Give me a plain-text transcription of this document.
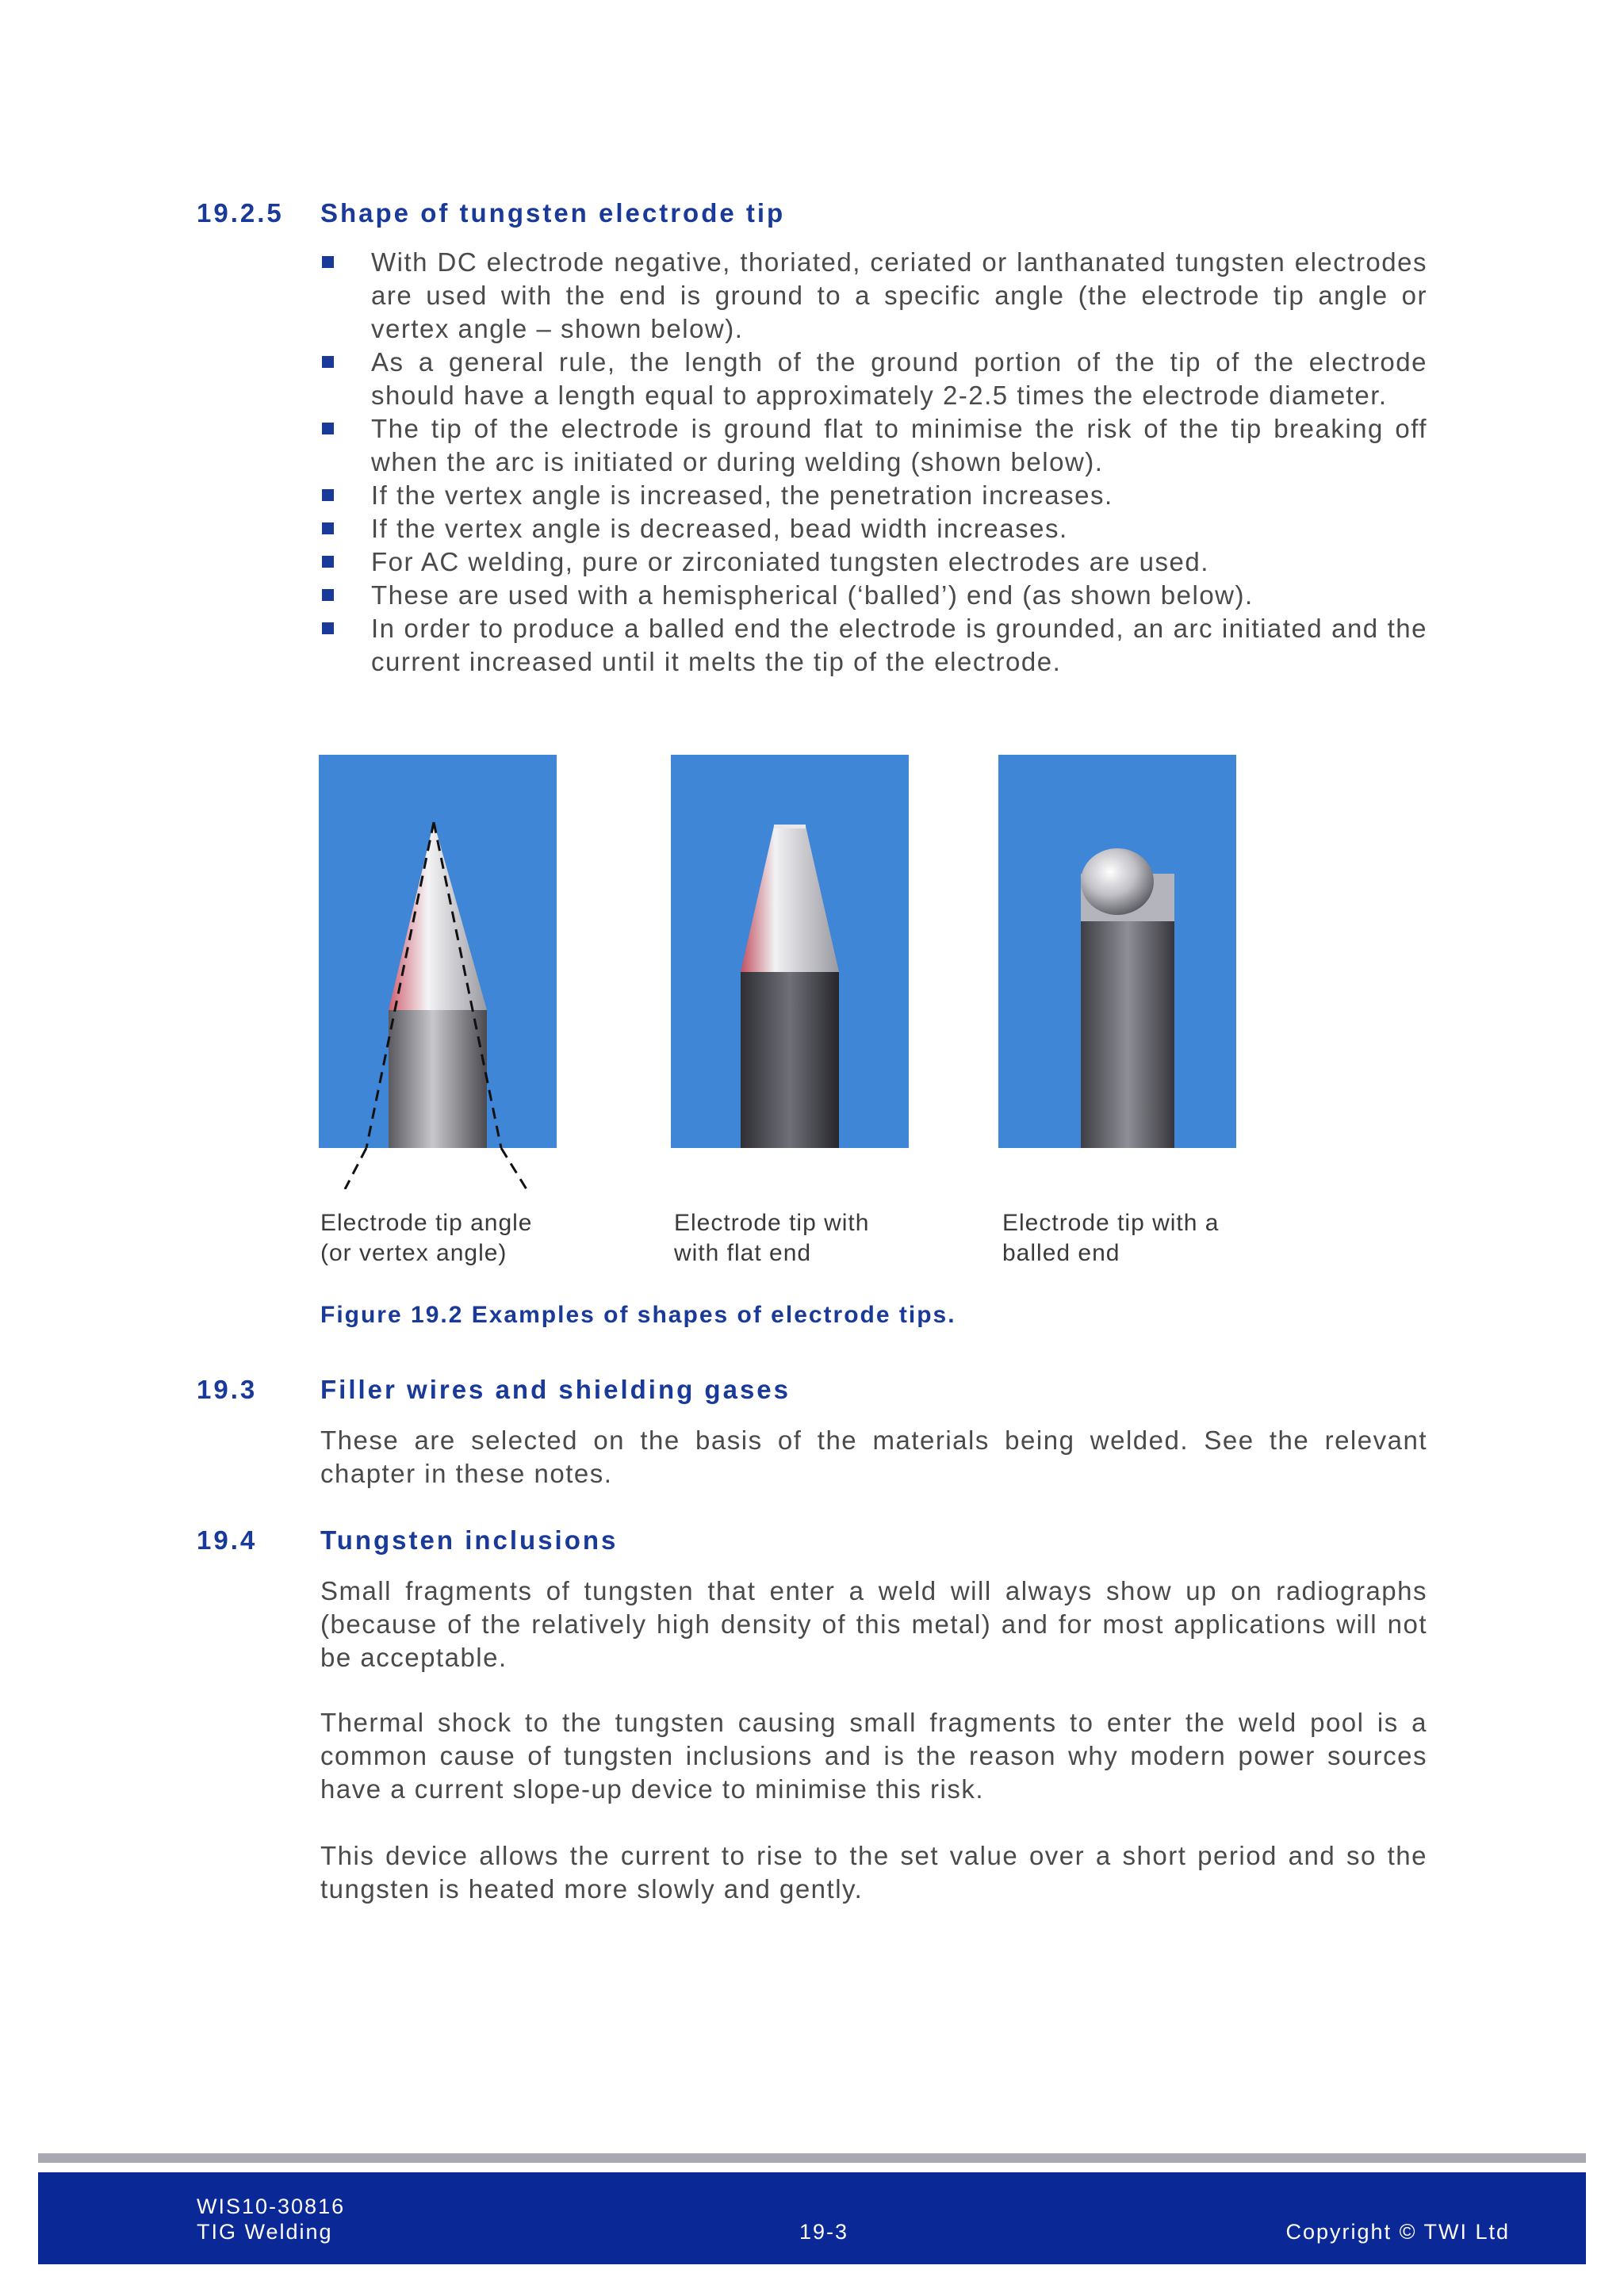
19.2.5 Shape of tungsten electrode tip
With DC electrode negative, thoriated, ceriated or lanthanated tungsten electrodes are used with the end is ground to a specific angle (the electrode tip angle or vertex angle – shown below).
As a general rule, the length of the ground portion of the tip of the electrode should have a length equal to approximately 2-2.5 times the electrode diameter.
The tip of the electrode is ground flat to minimise the risk of the tip breaking off when the arc is initiated or during welding (shown below).
If the vertex angle is increased, the penetration increases.
If the vertex angle is decreased, bead width increases.
For AC welding, pure or zirconiated tungsten electrodes are used.
These are used with a hemispherical (‘balled’) end (as shown below).
In order to produce a balled end the electrode is grounded, an arc initiated and the current increased until it melts the tip of the electrode.
Electrode tip angle
(or vertex angle)
Electrode tip with
with flat end
Electrode tip with a
balled end
Figure 19.2 Examples of shapes of electrode tips.
19.3 Filler wires and shielding gases

These are selected on the basis of the materials being welded. See the relevant chapter in these notes.

19.4 Tungsten inclusions

Small fragments of tungsten that enter a weld will always show up on radiographs (because of the relatively high density of this metal) and for most applications will not be acceptable.

Thermal shock to the tungsten causing small fragments to enter the weld pool is a common cause of tungsten inclusions and is the reason why modern power sources have a current slope-up device to minimise this risk.

This device allows the current to rise to the set value over a short period and so the tungsten is heated more slowly and gently.

WIS10-30816
TIG Welding	19-3	Copyright © TWI Ltd
